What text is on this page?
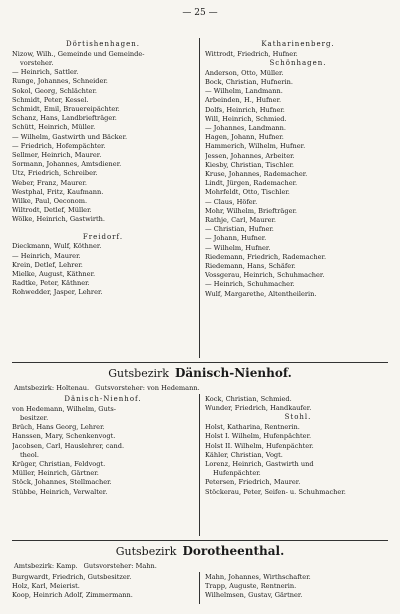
— 25 —
Dörtishenhagen.
Nizow, Wilh., Gemeinde und Gemeinde-
vorsteher.
— Heinrich, Sattler.
Runge, Johannes, Schneider.
Sokol, Georg, Schlächter.
Schmidt, Peter, Kessel.
Schmidt, Emil, Brauereipächter.
Schanz, Hans, Landbriefträger.
Schütt, Heinrich, Müller.
— Wilhelm, Gastwirth und Bäcker.
— Friedrich, Hofempächter.
Sellmer, Heinrich, Maurer.
Sormann, Johannes, Amtsdiener.
Utz, Friedrich, Schreiber.
Weber, Franz, Maurer.
Westphal, Fritz, Kaufmann.
Wilke, Paul, Oeconom.
Wiltrodt, Detlef, Müller.
Wölke, Heinrich, Gastwirth.
Freidorf.
Dieckmann, Wulf, Köthner.
— Heinrich, Maurer.
Krein, Detlef, Lehrer.
Mielke, August, Käthner.
Radtke, Peter, Käthner.
Rohwedder, Jasper, Lehrer.
Katharinenberg.
Wittrodt, Friedrich, Hufner.
Schönhagen.
Anderson, Otto, Müller.
Bock, Christian, Hufnerin.
— Wilhelm, Landmann.
Arbeinden, H., Hufner.
Dolfs, Heinrich, Hufner.
Will, Heinrich, Schmied.
— Johannes, Landmann.
Hagen, Johann, Hufner.
Hammerich, Wilhelm, Hufner.
Jessen, Johannes, Arbeiter.
Kiesby, Christian, Tischler.
Kruse, Johannes, Rademacher.
Lindt, Jürgen, Rademacher.
Mohrfeldt, Otto, Tischler.
— Claus, Höfer.
Mohr, Wilhelm, Briefträger.
Rathje, Carl, Maurer.
— Christian, Hufner.
— Johann, Hufner.
— Wilhelm, Hufner.
Riedemann, Friedrich, Rademacher.
Riedemann, Hans, Schäfer.
Vossgerau, Heinrich, Schuhmacher.
— Heinrich, Schuhmacher.
Wulf, Margarethe, Altentheilerin.
Gutsbezirk Dänisch-Nienhof.
Amtsbezirk: Holtenau. Gutsvorsteher: von Hedemann.
Dänisch-Nienhof.
von Hedemann, Wilhelm, Guts-
besitzer.
Brüch, Hans Georg, Lehrer.
Hanssen, Mary, Schenkenvogt.
Jacobsen, Carl, Hauslehrer, cand.
theol.
Krüger, Christian, Feldvogt.
Müller, Heinrich, Gärtner.
Stöck, Johannes, Stellmacher.
Stübbe, Heinrich, Verwalter.
Kock, Christian, Schmied.
Wunder, Friedrich, Handkaufer.
Stohl.
Holst, Katharina, Rentnerin.
Holst I. Wilhelm, Hufenpächter.
Holst II. Wilhelm, Hufenpächter.
Kähler, Christian, Vogt.
Lorenz, Heinrich, Gastwirth und
Hufenpächter.
Petersen, Friedrich, Maurer.
Stöckerau, Peter, Seifen- u. Schuhmacher.
Gutsbezirk Dorotheenthal.
Amtsbezirk: Kamp. Gutsvorsteher: Mahn.
Burgwardt, Friedrich, Gutsbesitzer.
Holz, Karl, Meierist.
Koop, Heinrich Adolf, Zimmermann.
Mahn, Johannes, Wirthschafter.
Trapp, Auguste, Rentnerin.
Wilhelmsen, Gustav, Gärtner.
